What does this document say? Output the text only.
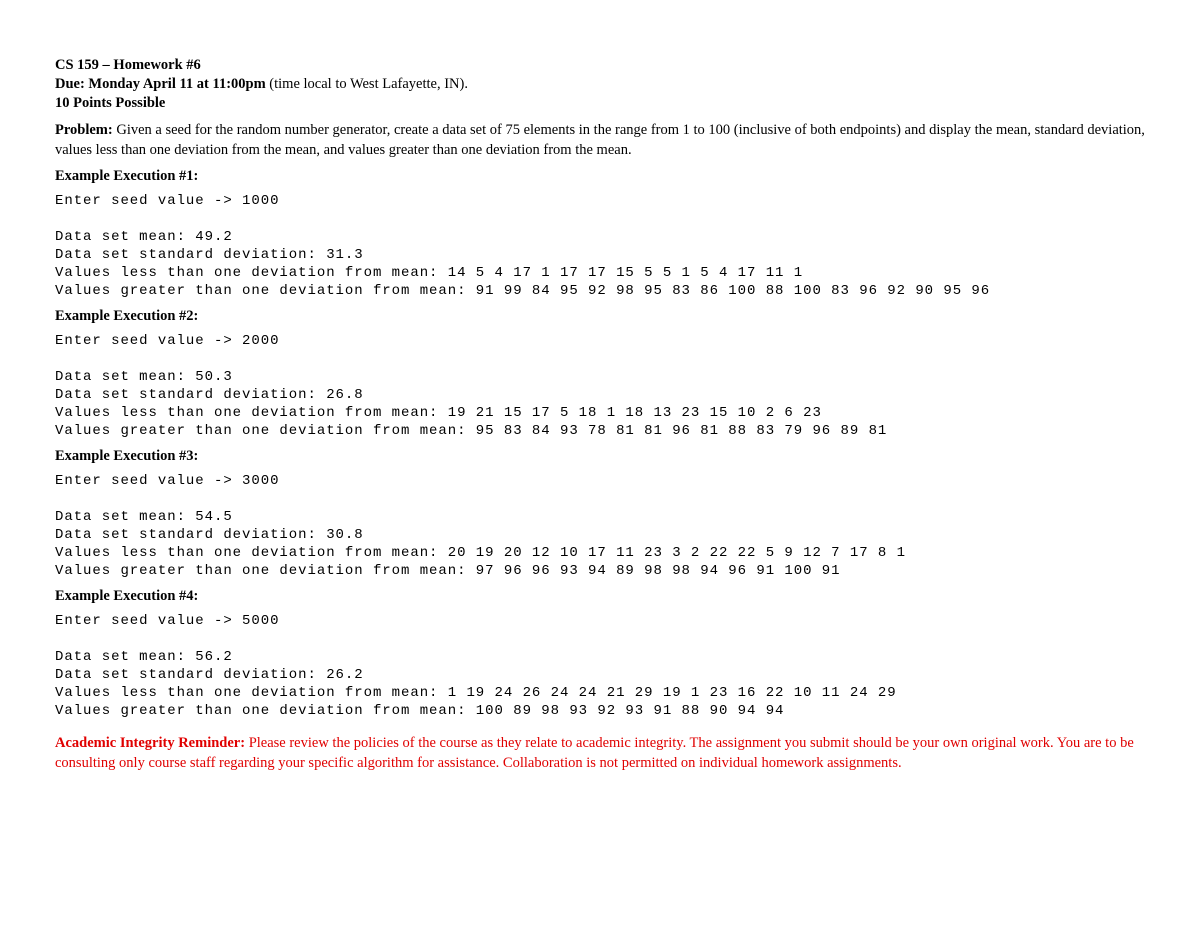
CS 159 – Homework #6
Due: Monday April 11 at 11:00pm (time local to West Lafayette, IN).
10 Points Possible
Problem: Given a seed for the random number generator, create a data set of 75 elements in the range from 1 to 100 (inclusive of both endpoints) and display the mean, standard deviation, values less than one deviation from the mean, and values greater than one deviation from the mean.
Example Execution #1:
Enter seed value -> 1000
Data set mean: 49.2
Data set standard deviation: 31.3
Values less than one deviation from mean: 14 5 4 17 1 17 17 15 5 5 1 5 4 17 11 1
Values greater than one deviation from mean: 91 99 84 95 92 98 95 83 86 100 88 100 83 96 92 90 95 96
Example Execution #2:
Enter seed value -> 2000
Data set mean: 50.3
Data set standard deviation: 26.8
Values less than one deviation from mean: 19 21 15 17 5 18 1 18 13 23 15 10 2 6 23
Values greater than one deviation from mean: 95 83 84 93 78 81 81 96 81 88 83 79 96 89 81
Example Execution #3:
Enter seed value -> 3000
Data set mean: 54.5
Data set standard deviation: 30.8
Values less than one deviation from mean: 20 19 20 12 10 17 11 23 3 2 22 22 5 9 12 7 17 8 1
Values greater than one deviation from mean: 97 96 96 93 94 89 98 98 94 96 91 100 91
Example Execution #4:
Enter seed value -> 5000
Data set mean: 56.2
Data set standard deviation: 26.2
Values less than one deviation from mean: 1 19 24 26 24 24 21 29 19 1 23 16 22 10 11 24 29
Values greater than one deviation from mean: 100 89 98 93 92 93 91 88 90 94 94
Academic Integrity Reminder: Please review the policies of the course as they relate to academic integrity. The assignment you submit should be your own original work. You are to be consulting only course staff regarding your specific algorithm for assistance. Collaboration is not permitted on individual homework assignments.
